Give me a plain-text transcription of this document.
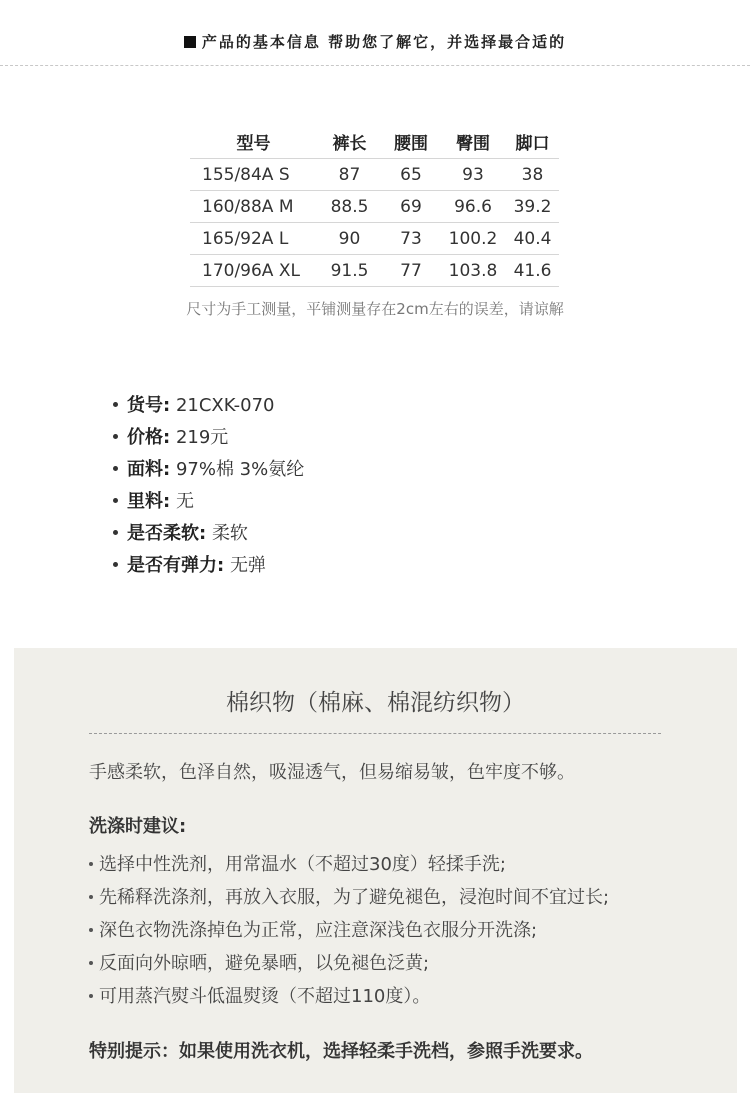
产品的基本信息 帮助您了解它，并选择最合适的
型号	裤长	腰围	臀围	脚口
155/84A S	87	65	93	38
160/88A M	88.5	69	96.6	39.2
165/92A L	90	73	100.2	40.4
170/96A XL	91.5	77	103.8	41.6
尺寸为手工测量，平铺测量存在2cm左右的误差，请谅解
货号: 21CXK-070
价格: 219元
面料: 97%棉 3%氨纶
里料: 无
是否柔软: 柔软
是否有弹力: 无弹
棉织物（棉麻、棉混纺织物）
手感柔软，色泽自然，吸湿透气，但易缩易皱，色牢度不够。
洗涤时建议:
选择中性洗剂，用常温水（不超过30度）轻揉手洗;
先稀释洗涤剂，再放入衣服，为了避免褪色，浸泡时间不宜过长;
深色衣物洗涤掉色为正常，应注意深浅色衣服分开洗涤;
反面向外晾晒，避免暴晒，以免褪色泛黄;
可用蒸汽熨斗低温熨烫（不超过110度）。
特别提示：如果使用洗衣机，选择轻柔手洗档，参照手洗要求。
